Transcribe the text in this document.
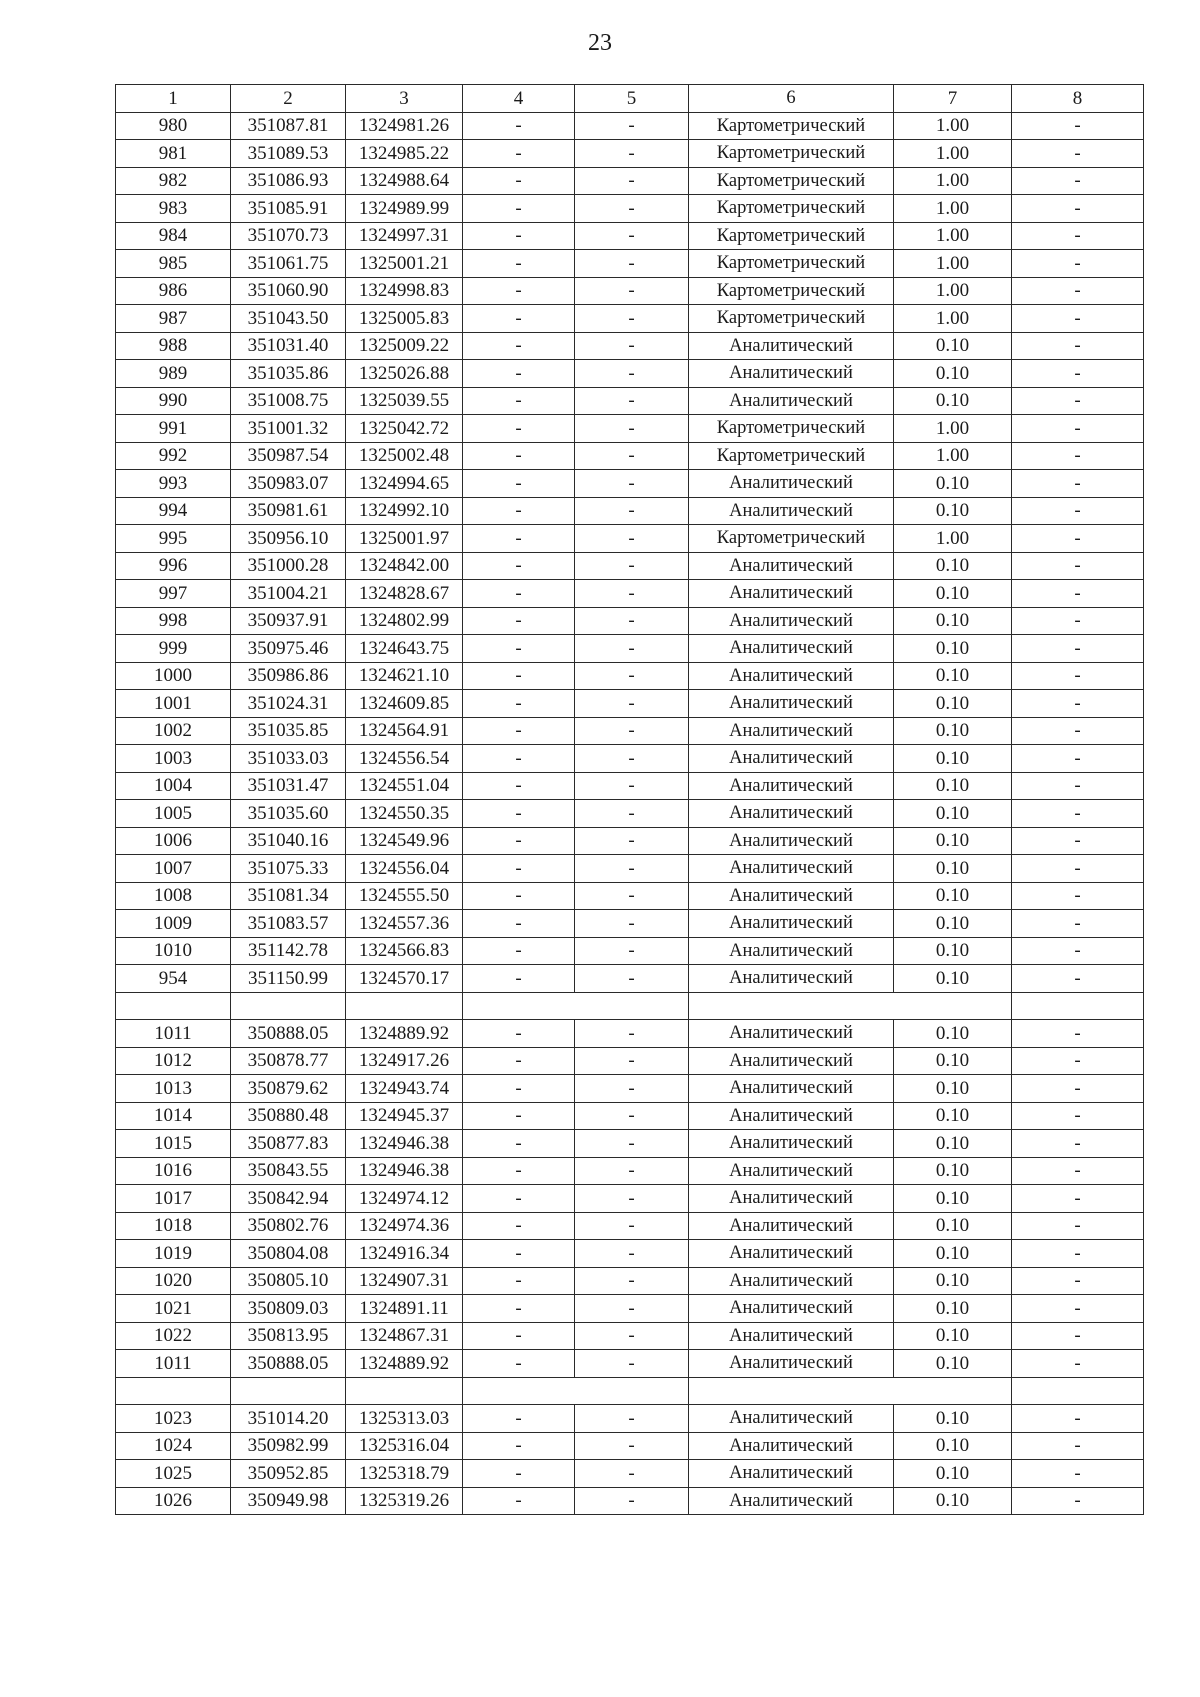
23
1	2	3	4	5	6	7	8
980	351087.81	1324981.26	-	-	Картометрический	1.00	-
981	351089.53	1324985.22	-	-	Картометрический	1.00	-
982	351086.93	1324988.64	-	-	Картометрический	1.00	-
983	351085.91	1324989.99	-	-	Картометрический	1.00	-
984	351070.73	1324997.31	-	-	Картометрический	1.00	-
985	351061.75	1325001.21	-	-	Картометрический	1.00	-
986	351060.90	1324998.83	-	-	Картометрический	1.00	-
987	351043.50	1325005.83	-	-	Картометрический	1.00	-
988	351031.40	1325009.22	-	-	Аналитический	0.10	-
989	351035.86	1325026.88	-	-	Аналитический	0.10	-
990	351008.75	1325039.55	-	-	Аналитический	0.10	-
991	351001.32	1325042.72	-	-	Картометрический	1.00	-
992	350987.54	1325002.48	-	-	Картометрический	1.00	-
993	350983.07	1324994.65	-	-	Аналитический	0.10	-
994	350981.61	1324992.10	-	-	Аналитический	0.10	-
995	350956.10	1325001.97	-	-	Картометрический	1.00	-
996	351000.28	1324842.00	-	-	Аналитический	0.10	-
997	351004.21	1324828.67	-	-	Аналитический	0.10	-
998	350937.91	1324802.99	-	-	Аналитический	0.10	-
999	350975.46	1324643.75	-	-	Аналитический	0.10	-
1000	350986.86	1324621.10	-	-	Аналитический	0.10	-
1001	351024.31	1324609.85	-	-	Аналитический	0.10	-
1002	351035.85	1324564.91	-	-	Аналитический	0.10	-
1003	351033.03	1324556.54	-	-	Аналитический	0.10	-
1004	351031.47	1324551.04	-	-	Аналитический	0.10	-
1005	351035.60	1324550.35	-	-	Аналитический	0.10	-
1006	351040.16	1324549.96	-	-	Аналитический	0.10	-
1007	351075.33	1324556.04	-	-	Аналитический	0.10	-
1008	351081.34	1324555.50	-	-	Аналитический	0.10	-
1009	351083.57	1324557.36	-	-	Аналитический	0.10	-
1010	351142.78	1324566.83	-	-	Аналитический	0.10	-
954	351150.99	1324570.17	-	-	Аналитический	0.10	-

1011	350888.05	1324889.92	-	-	Аналитический	0.10	-
1012	350878.77	1324917.26	-	-	Аналитический	0.10	-
1013	350879.62	1324943.74	-	-	Аналитический	0.10	-
1014	350880.48	1324945.37	-	-	Аналитический	0.10	-
1015	350877.83	1324946.38	-	-	Аналитический	0.10	-
1016	350843.55	1324946.38	-	-	Аналитический	0.10	-
1017	350842.94	1324974.12	-	-	Аналитический	0.10	-
1018	350802.76	1324974.36	-	-	Аналитический	0.10	-
1019	350804.08	1324916.34	-	-	Аналитический	0.10	-
1020	350805.10	1324907.31	-	-	Аналитический	0.10	-
1021	350809.03	1324891.11	-	-	Аналитический	0.10	-
1022	350813.95	1324867.31	-	-	Аналитический	0.10	-
1011	350888.05	1324889.92	-	-	Аналитический	0.10	-

1023	351014.20	1325313.03	-	-	Аналитический	0.10	-
1024	350982.99	1325316.04	-	-	Аналитический	0.10	-
1025	350952.85	1325318.79	-	-	Аналитический	0.10	-
1026	350949.98	1325319.26	-	-	Аналитический	0.10	-
